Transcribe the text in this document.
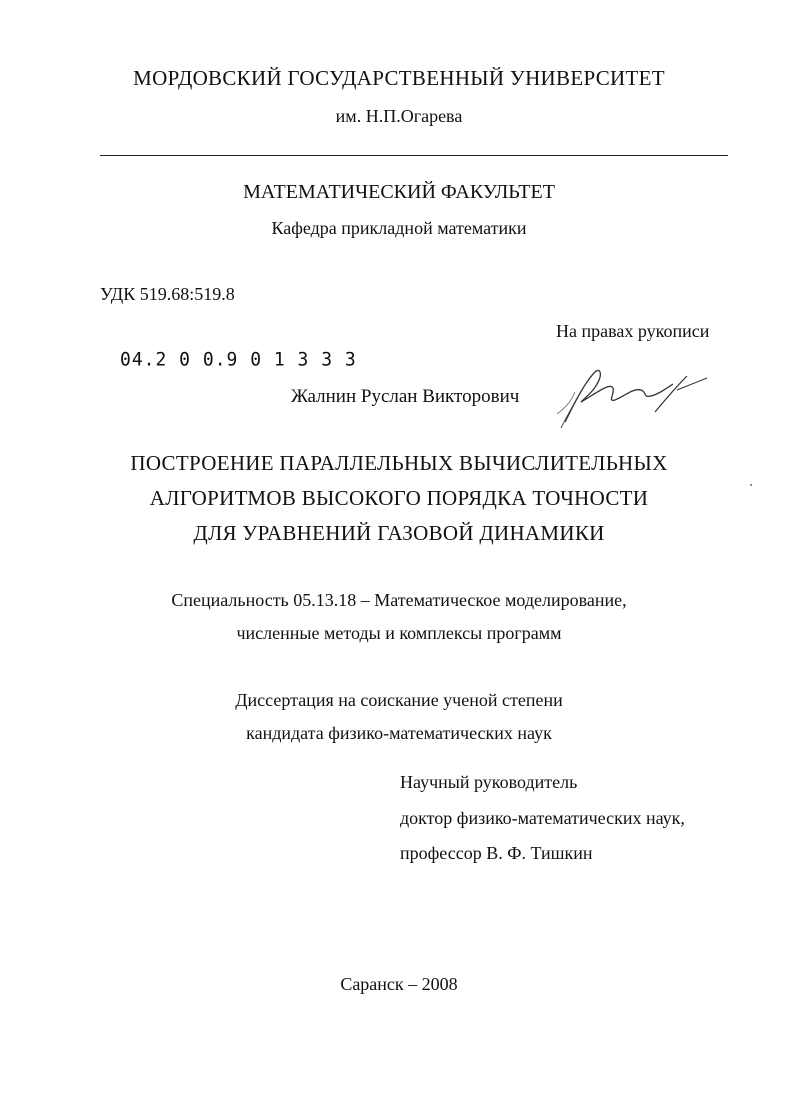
МОРДОВСКИЙ ГОСУДАРСТВЕННЫЙ УНИВЕРСИТЕТ
им. Н.П.Огарева
МАТЕМАТИЧЕСКИЙ ФАКУЛЬТЕТ
Кафедра прикладной математики
УДК 519.68:519.8
На правах рукописи
04.2 0 0.9 0 1 3 3 3
Жалнин Руслан Викторович
ПОСТРОЕНИЕ ПАРАЛЛЕЛЬНЫХ ВЫЧИСЛИТЕЛЬНЫХ
АЛГОРИТМОВ ВЫСОКОГО ПОРЯДКА ТОЧНОСТИ
ДЛЯ УРАВНЕНИЙ ГАЗОВОЙ ДИНАМИКИ
Специальность 05.13.18 – Математическое моделирование,
численные методы и комплексы программ
Диссертация на соискание ученой степени
кандидата физико-математических наук
Научный руководитель
доктор физико-математических наук,
профессор В. Ф. Тишкин
Саранск – 2008
